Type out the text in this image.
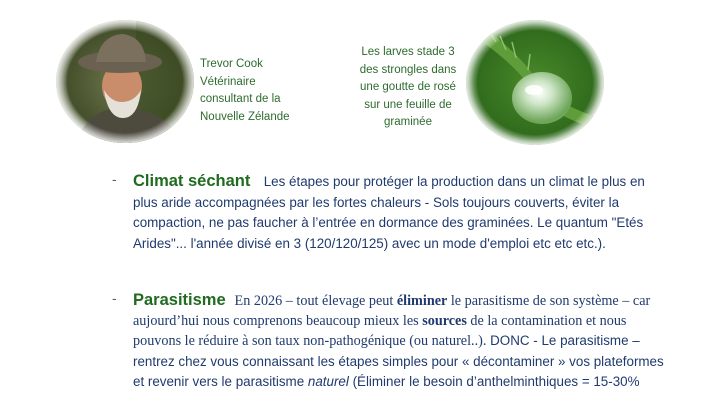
Trevor Cook
Vétérinaire
consultant de la
Nouvelle Zélande
Les larves stade 3
des strongles dans
une goutte de rosé
sur une feuille de
graminée
- Climat séchant Les étapes pour protéger la production dans un climat le plus en plus aride accompagnées par les fortes chaleurs - Sols toujours couverts, éviter la compaction, ne pas faucher à l’entrée en dormance des graminées. Le quantum "Etés Arides"... l'année divisé en 3 (120/120/125) avec un mode d'emploi etc etc etc.).
- Parasitisme En 2026 – tout élevage peut éliminer le parasitisme de son système – car aujourd’hui nous comprenons beaucoup mieux les sources de la contamination et nous pouvons le réduire à son taux non-pathogénique (ou naturel..). DONC - Le parasitisme – rentrez chez vous connaissant les étapes simples pour « décontaminer » vos plateformes et revenir vers le parasitisme naturel (Éliminer le besoin d’anthelminthiques = 15-30%
